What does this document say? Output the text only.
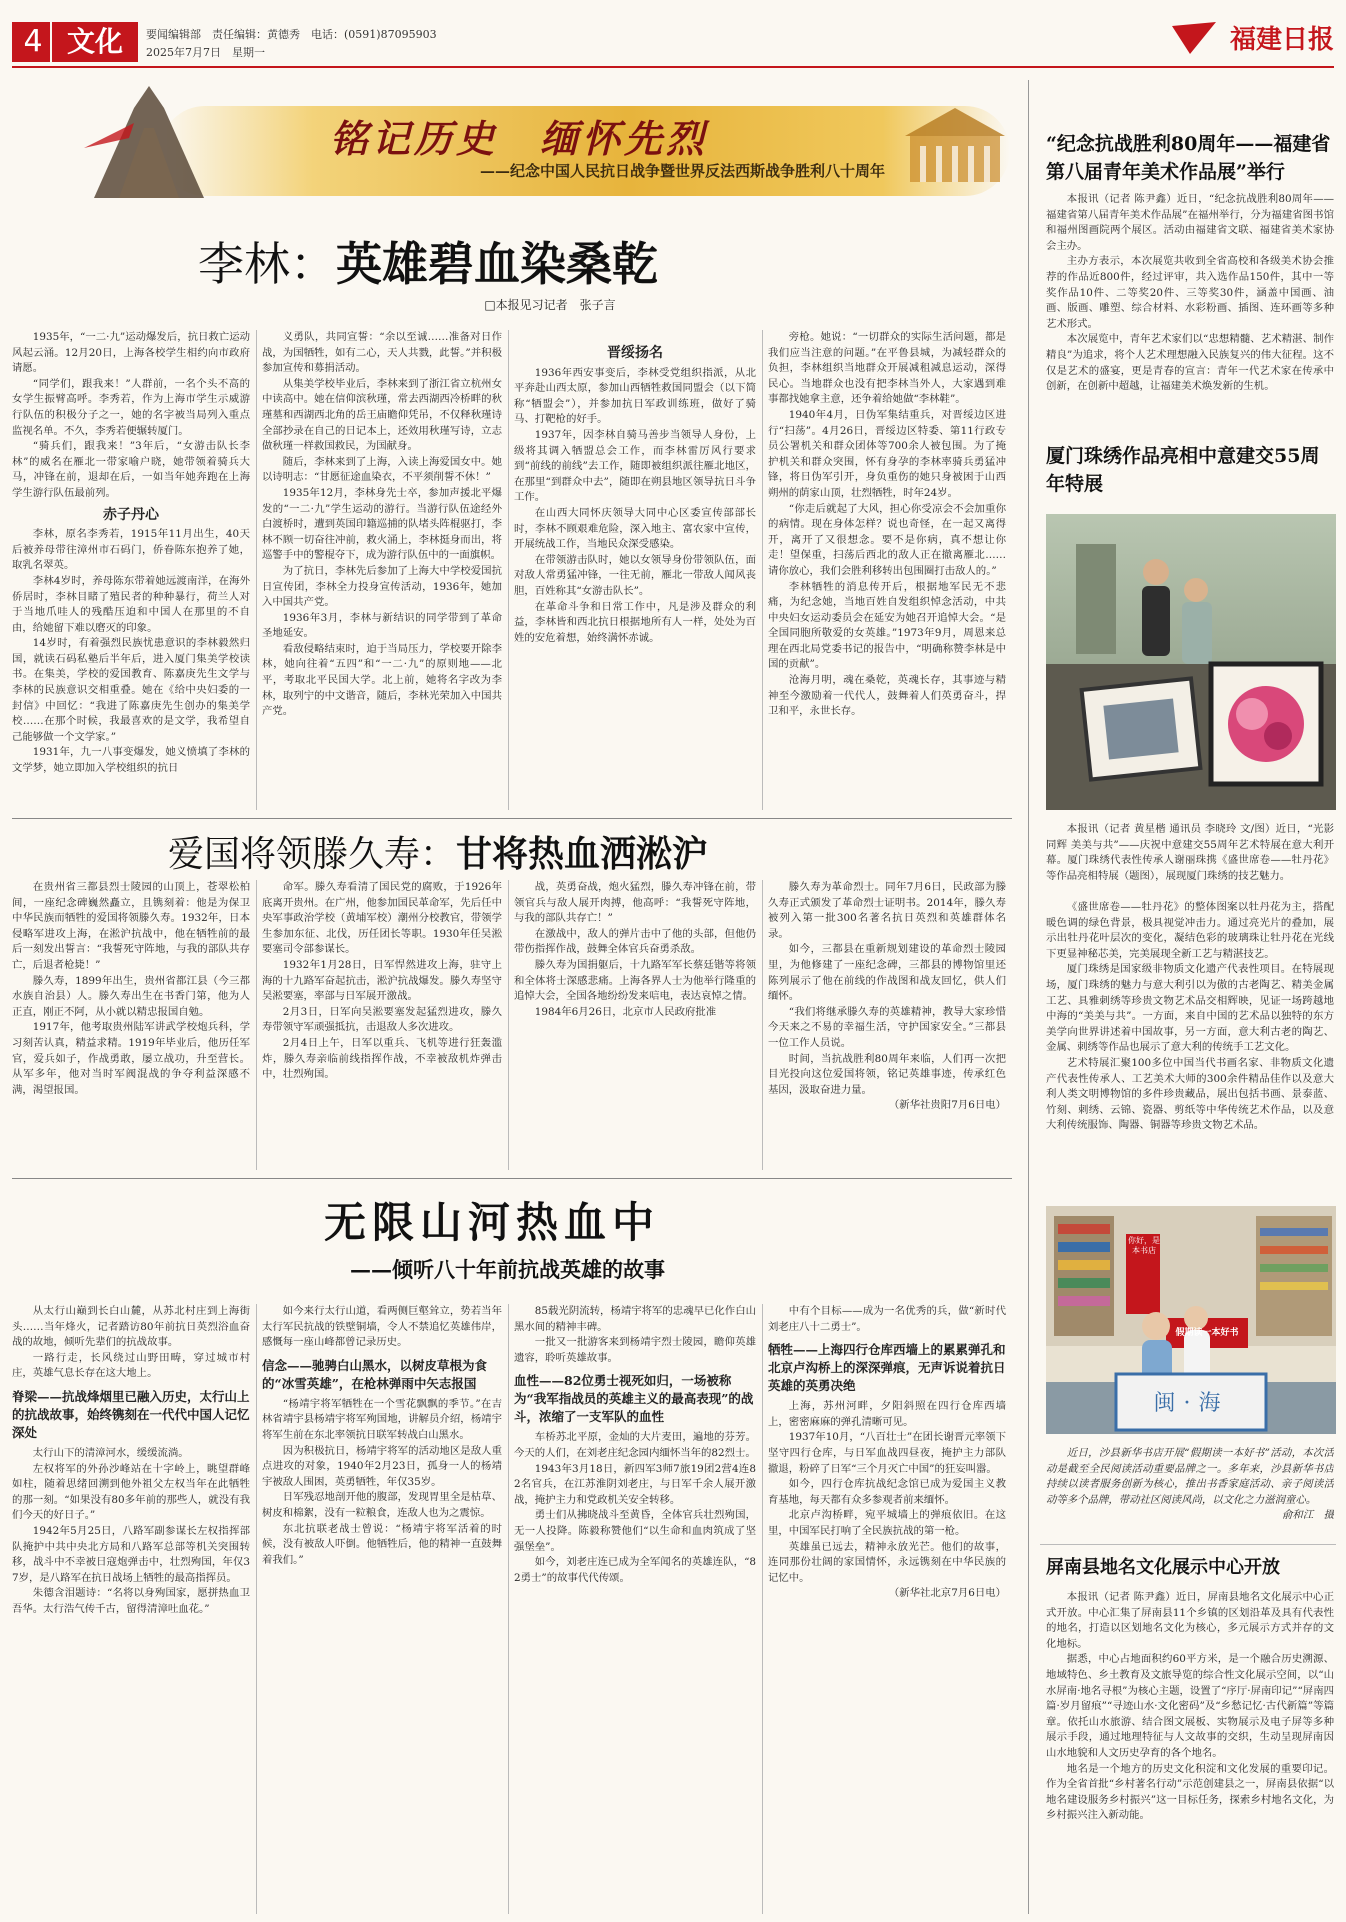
4 文化	要闻编辑部　责任编辑：黄德秀　电话：(0591)87095903
2025年7月7日　星期一	福建日报
铭记历史　缅怀先烈
——纪念中国人民抗日战争暨世界反法西斯战争胜利八十周年
李林：英雄碧血染桑乾
□本报见习记者　张子言

1935年，“一二·九”运动爆发后，抗日救亡运动风起云涌。12月20日，上海各校学生相约向市政府请愿。

“同学们，跟我来！”人群前，一名个头不高的女学生振臂高呼。李秀若，作为上海市学生示威游行队伍的积极分子之一，她的名字被当局列入重点监视名单。不久，李秀若便辗转厦门。

“骑兵们，跟我来！”3年后，“女游击队长李林”的威名在雁北一带家喻户晓，她带领着骑兵大马，冲锋在前，退却在后，一如当年她奔跑在上海学生游行队伍最前列。

赤子丹心

李林，原名李秀若，1915年11月出生，40天后被养母带往漳州市石码门，侨眷陈东抱养了她，取乳名翠英。

李林4岁时，养母陈东带着她远渡南洋，在海外侨居时，李林目睹了殖民者的种种暴行，荷兰人对于当地爪哇人的残酷压迫和中国人在那里的不自由，给她留下难以磨灭的印象。

14岁时，有着强烈民族忧患意识的李林毅然归国，就读石码私塾后半年后，进入厦门集美学校读书。在集美，学校的爱国教育、陈嘉庚先生文学与李林的民族意识交相重叠。她在《给中央妇委的一封信》中回忆：“我进了陈嘉庚先生创办的集美学校……在那个时候，我最喜欢的是文学，我希望自己能够做一个文学家。”

1931年，九一八事变爆发，她义愤填了李林的文学梦，她立即加入学校组织的抗日

义勇队，共同宣誓：“余以至诚……准备对日作战，为国牺牲，如有二心，天人共戮，此誓。”并积极参加宣传和募捐活动。

从集美学校毕业后，李林来到了浙江省立杭州女中读高中。她在信仰滨秋瑾，常去西湖西冷桥畔的秋瑾墓和西湖西北角的岳王庙瞻仰凭吊，不仅释秋瑾诗全部抄录在自己的日记本上，还效用秋瑾写诗，立志做秋瑾一样救国救民，为国献身。

随后，李林来到了上海，入读上海爱国女中。她以诗明志：“甘愿征途血染衣，不平须削誓不休！”

1935年12月，李林身先士卒，参加声援北平爆发的“一二·九”学生运动的游行。当游行队伍途经外白渡桥时，遭到英国印籍巡捕的队堵头阵棍驱打，李林不顾一切奋往冲前，救火涌上，李林挺身而出，将巡警手中的警棍夺下，成为游行队伍中的一面旗帜。

为了抗日，李林先后参加了上海大中学校爱国抗日宣传团，李林全力投身宣传活动，1936年，她加入中国共产党。

1936年3月，李林与新结识的同学带到了革命圣地延安。

看敌侵略结束时，迫于当局压力，学校要开除李林，她向往着“五四”和“一二·九”的原则地——北平，考取北平民国大学。北上前，她将名字改为李林，取列宁的中文谐音，随后，李林光荣加入中国共产党。

晋绥扬名

1936年西安事变后，李林受党组织指派，从北平奔赴山西太原，参加山西牺牲救国同盟会（以下简称“牺盟会”），并参加抗日军政训练班，做好了骑马、打靶枪的好手。

1937年，因李林自骑马善步当领导人身份，上级将其调入牺盟总会工作，而李林雷厉风行要求到“前线的前线”去工作，随即被组织派往雁北地区，在那里“到群众中去”，随即在朔县地区领导抗日斗争工作。

在山西大同怀庆领导大同中心区委宣传部部长时，李林不顾艰难危险，深入地主、富农家中宣传，开展统战工作，当地民众深受感染。

在带领游击队时，她以女领导身份带领队伍，面对敌人常勇猛冲锋，一往无前，雁北一带敌人闻风丧胆，百姓称其“女游击队长”。

在革命斗争和日常工作中，凡是涉及群众的利益，李林皆和西北抗日根据地所有人一样，处处为百姓的安危着想，始终满怀赤诚。

旁枪。她说：“一切群众的实际生活问题，都是我们应当注意的问题。”在平鲁县城，为减轻群众的负担，李林组织当地群众开展减租减息运动，深得民心。当地群众也没有把李林当外人，大家遇到难事都找她拿主意，还争着给她做“李林鞋”。

1940年4月，日伪军集结重兵，对晋绥边区进行“扫荡”。4月26日，晋绥边区特委、第11行政专员公署机关和群众团体等700余人被包围。为了掩护机关和群众突围，怀有身孕的李林率骑兵勇猛冲锋，将日伪军引开，身负重伤的她只身被困于山西朔州的荫家山顶，壮烈牺牲，时年24岁。

“你走后就起了大风，担心你受凉会不会加重你的病情。现在身体怎样？说也奇怪，在一起又离得开，离开了又很想念。要不是你病，真不想让你走！望保重，扫荡后西北的敌人正在撤离雁北……请你放心，我们会胜利移转出包围圈打击敌人的。”

李林牺牲的消息传开后，根据地军民无不悲痛，为纪念她，当地百姓自发组织悼念活动，中共中央妇女运动委员会在延安为她召开追悼大会。“是全国同胞所敬爱的女英雄。”1973年9月，周恩来总理在西北局党委书记的报告中，“明确称赞李林是中国的贡献”。

沧海月明，魂在桑乾，英魂长存，其事迹与精神至今激励着一代代人，鼓舞着人们英勇奋斗，捍卫和平，永世长存。

爱国将领滕久寿：甘将热血洒淞沪

在贵州省三都县烈士陵园的山顶上，苍翠松柏间，一座纪念碑巍然矗立，且镌刻着：他是为保卫中华民族而牺牲的爱国将领滕久寿。1932年，日本侵略军进攻上海，在淞沪抗战中，他在牺牲前的最后一刻发出誓言：“我誓死守阵地，与我的部队共存亡，后退者枪毙！”

滕久寿，1899年出生，贵州省都江县（今三都水族自治县）人。滕久寿出生在书香门第，他为人正直，刚正不阿，从小就以精忠报国自勉。

1917年，他考取贵州陆军讲武学校炮兵科，学习刻苦认真，精益求精。1919年毕业后，他历任军官，爱兵如子，作战勇敢，屡立战功，升至营长。从军多年，他对当时军阀混战的争夺利益深感不满，渴望报国。

命军。滕久寿看清了国民党的腐败，于1926年底离开贵州。在广州，他参加国民革命军，先后任中央军事政治学校（黄埔军校）潮州分校教官，带领学生参加东征、北伐，历任团长等职。1930年任吴淞要塞司令部参谋长。

1932年1月28日，日军悍然进攻上海，驻守上海的十九路军奋起抗击，淞沪抗战爆发。滕久寿坚守吴淞要塞，率部与日军展开激战。

2月3日，日军向吴淞要塞发起猛烈进攻，滕久寿带领守军顽强抵抗，击退敌人多次进攻。

2月4日上午，日军以重兵、飞机等进行狂轰滥炸，滕久寿亲临前线指挥作战，不幸被敌机炸弹击中，壮烈殉国。

战，英勇奋战，炮火猛烈，滕久寿冲锋在前，带领官兵与敌人展开肉搏，他高呼：“我誓死守阵地，与我的部队共存亡！”

在激战中，敌人的弹片击中了他的头部，但他仍带伤指挥作战，鼓舞全体官兵奋勇杀敌。

滕久寿为国捐躯后，十九路军军长蔡廷锴等将领和全体将士深感悲痛。上海各界人士为他举行隆重的追悼大会，全国各地纷纷发来唁电，表达哀悼之情。

1984年6月26日，北京市人民政府批准

滕久寿为革命烈士。同年7月6日，民政部为滕久寿正式颁发了革命烈士证明书。2014年，滕久寿被列入第一批300名著名抗日英烈和英雄群体名录。

如今，三都县在重新规划建设的革命烈士陵园里，为他修建了一座纪念碑，三都县的博物馆里还陈列展示了他在前线的作战图和战友回忆，供人们缅怀。

“我们将继承滕久寿的英雄精神，教导大家珍惜今天来之不易的幸福生活，守护国家安全。”三都县一位工作人员说。

时间，当抗战胜利80周年来临，人们再一次把目光投向这位爱国将领，铭记英雄事迹，传承红色基因，汲取奋进力量。

（新华社贵阳7月6日电）

无限山河热血中
——倾听八十年前抗战英雄的故事

从太行山巅到长白山麓，从苏北村庄到上海街头……当年烽火，记者踏访80年前抗日英烈浴血奋战的故地，倾听先辈们的抗战故事。

一路行走，长风绕过山野田畴，穿过城市村庄，英雄气息长存在这大地上。

脊梁——抗战烽烟里已融入历史，太行山上的抗战故事，始终镌刻在一代代中国人记忆深处

太行山下的清漳河水，缓缓流淌。

左权将军的外孙沙峰站在十字岭上，眺望群峰如柱，随着思绪回溯到他外祖父左权当年在此牺牲的那一刻。“如果没有80多年前的那些人，就没有我们今天的好日子。”

1942年5月25日，八路军副参谋长左权指挥部队掩护中共中央北方局和八路军总部等机关突围转移，战斗中不幸被日寇炮弹击中，壮烈殉国，年仅37岁，是八路军在抗日战场上牺牲的最高指挥员。

朱德含泪题诗：“名将以身殉国家，愿拼热血卫吾华。太行浩气传千古，留得清漳吐血花。”

如今来行太行山道，看两侧巨壑耸立，势若当年太行军民抗战的铁壁铜墙，令人不禁追忆英雄伟岸，感慨每一座山峰都曾记录历史。

信念——驰骋白山黑水，以树皮草根为食的“冰雪英雄”，在枪林弹雨中矢志报国

“杨靖宇将军牺牲在一个雪花飘飘的季节。”在吉林省靖宇县杨靖宇将军殉国地，讲解员介绍，杨靖宇将军生前在东北率领抗日联军转战白山黑水。

因为积极抗日，杨靖宇将军的活动地区是敌人重点进攻的对象，1940年2月23日，孤身一人的杨靖宇被敌人围困，英勇牺牲，年仅35岁。

日军残忍地剖开他的腹部，发现胃里全是枯草、树皮和棉絮，没有一粒粮食，连敌人也为之震惊。

东北抗联老战士曾说：“杨靖宇将军活着的时候，没有被敌人吓倒。他牺牲后，他的精神一直鼓舞着我们。”

85载光阴流转，杨靖宇将军的忠魂早已化作白山黑水间的精神丰碑。

一批又一批游客来到杨靖宇烈士陵园，瞻仰英雄遗容，聆听英雄故事。

血性——82位勇士视死如归，一场被称为“我军指战员的英雄主义的最高表现”的战斗，浓缩了一支军队的血性

车桥苏北平原，金灿的大片麦田，遍地的芬芳。今天的人们，在刘老庄纪念园内缅怀当年的82烈士。

1943年3月18日，新四军3师7旅19团2营4连82名官兵，在江苏淮阴刘老庄，与日军千余人展开激战，掩护主力和党政机关安全转移。

勇士们从拂晓战斗至黄昏，全体官兵壮烈殉国，无一人投降。陈毅称赞他们“以生命和血肉筑成了坚强堡垒”。

如今，刘老庄连已成为全军闻名的英雄连队，“82勇士”的故事代代传颂。

中有个目标——成为一名优秀的兵，做“新时代刘老庄八十二勇士”。

牺牲——上海四行仓库西墙上的累累弹孔和北京卢沟桥上的深深弹痕，无声诉说着抗日英雄的英勇决绝

上海，苏州河畔，夕阳斜照在四行仓库西墙上，密密麻麻的弹孔清晰可见。

1937年10月，“八百壮士”在团长谢晋元率领下坚守四行仓库，与日军血战四昼夜，掩护主力部队撤退，粉碎了日军“三个月灭亡中国”的狂妄叫嚣。

如今，四行仓库抗战纪念馆已成为爱国主义教育基地，每天都有众多参观者前来缅怀。

北京卢沟桥畔，宛平城墙上的弹痕依旧。在这里，中国军民打响了全民族抗战的第一枪。

英雄虽已远去，精神永放光芒。他们的故事，连同那份壮阔的家国情怀，永远镌刻在中华民族的记忆中。

（新华社北京7月6日电）

“纪念抗战胜利80周年——福建省第八届青年美术作品展”举行

本报讯（记者 陈尹鑫）近日，“纪念抗战胜利80周年——福建省第八届青年美术作品展”在福州举行，分为福建省图书馆和福州图画院两个展区。活动由福建省文联、福建省美术家协会主办。

主办方表示，本次展览共收到全省高校和各级美术协会推荐的作品近800件，经过评审，共入选作品150件，其中一等奖作品10件、二等奖20件、三等奖30件，涵盖中国画、油画、版画、雕塑、综合材料、水彩粉画、插图、连环画等多种艺术形式。

本次展览中，青年艺术家们以“忠想精髓、艺术精湛、制作精良”为追求，将个人艺术理想融入民族复兴的伟大征程。这不仅是艺术的盛宴，更是青春的宣言：青年一代艺术家在传承中创新，在创新中超越，让福建美术焕发新的生机。

厦门珠绣作品亮相中意建交55周年特展
本报讯（记者 黄星楷 通讯员 李晓玲 文/图）近日，“光影同辉 美美与共”——庆祝中意建交55周年艺术特展在意大利开幕。厦门珠绣代表性传承人谢丽珠携《盛世席卷——牡丹花》等作品亮相特展（题图），展现厦门珠绣的技艺魅力。

《盛世席卷——牡丹花》的整体图案以牡丹花为主，搭配暖色调的绿色背景，极具视觉冲击力。通过亮光片的叠加，展示出牡丹花叶层次的变化，凝结色彩的玻璃珠让牡丹花在光线下更显神秘芯美，完美展现全新工艺与精湛技艺。

厦门珠绣是国家级非物质文化遗产代表性项目。在特展现场，厦门珠绣的魅力与意大利引以为傲的古老陶艺、精美金属工艺、具雅刺绣等珍贵文物艺术品交相辉映，见证一场跨越地中海的“美美与共”。一方面，来自中国的艺术品以独特的东方美学向世界讲述着中国故事，另一方面，意大利古老的陶艺、金属、刺绣等作品也展示了意大利的传统手工艺文化。

艺术特展汇聚100多位中国当代书画名家、非物质文化遗产代表性传承人、工艺美术大师的300余件精品佳作以及意大利人类文明博物馆的多件珍贵藏品，展出包括书画、景泰蓝、竹刻、刺绣、云锦、瓷器、剪纸等中华传统艺术作品，以及意大利传统服饰、陶器、铜器等珍贵文物艺术品。

你好，是本书店
假期读一本好书
闽·海

近日，沙县新华书店开展“假期读一本好书”活动，本次活动是截至全民阅读活动重要品牌之一。多年来，沙县新华书店持续以读者服务创新为核心，推出书香家庭活动、亲子阅读活动等多个品牌，带动社区阅读风尚，以文化之力滋润童心。

俞和江　摄

屏南县地名文化展示中心开放

本报讯（记者 陈尹鑫）近日，屏南县地名文化展示中心正式开放。中心汇集了屏南县11个乡镇的区划沿革及具有代表性的地名，打造以区划地名文化为核心，多元展示方式并存的文化地标。

据悉，中心占地面积约60平方米，是一个融合历史溯源、地域特色、乡土教育及文旅导览的综合性文化展示空间，以“山水屏南·地名寻根”为核心主题，设置了“序厅·屏南印记”“屏南四篇·岁月留痕”“寻迹山水·文化密码”及“乡愁记忆·古代新篇”等篇章。依托山水旅游、结合图文展板、实物展示及电子屏等多种展示手段，通过地理特征与人文故事的交织，生动呈现屏南因山水地貌和人文历史孕育的各个地名。

地名是一个地方的历史文化积淀和文化发展的重要印记。作为全省首批“乡村著名行动”示范创建县之一，屏南县依据“以地名建设服务乡村振兴”这一目标任务，探索乡村地名文化，为乡村振兴注入新动能。
